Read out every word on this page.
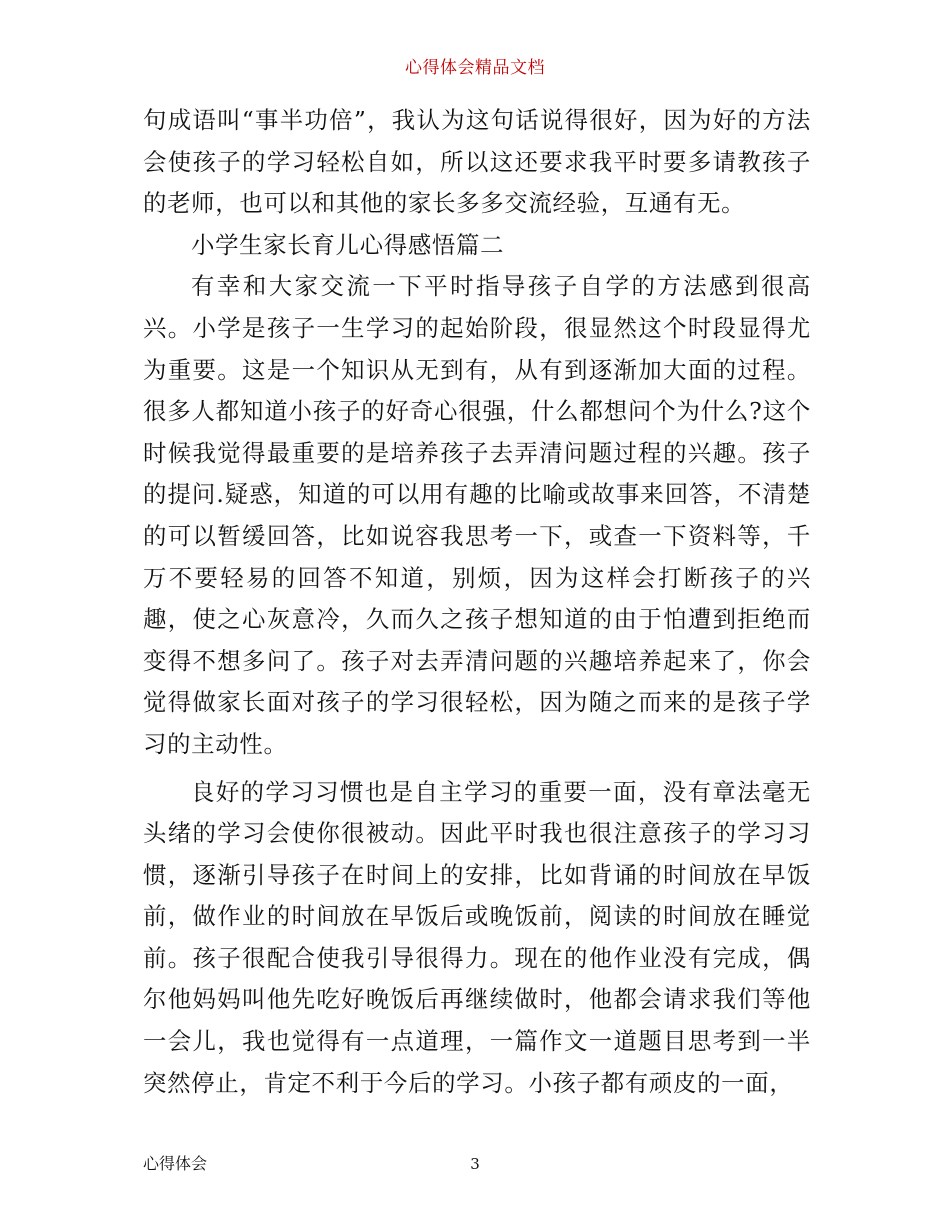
心得体会精品文档

句成语叫“事半功倍”，我认为这句话说得很好，因为好的方法会使孩子的学习轻松自如，所以这还要求我平时要多请教孩子的老师，也可以和其他的家长多多交流经验，互通有无。

小学生家长育儿心得感悟篇二

有幸和大家交流一下平时指导孩子自学的方法感到很高兴。小学是孩子一生学习的起始阶段，很显然这个时段显得尤为重要。这是一个知识从无到有，从有到逐渐加大面的过程。很多人都知道小孩子的好奇心很强，什么都想问个为什么?这个时候我觉得最重要的是培养孩子去弄清问题过程的兴趣。孩子的提问.疑惑，知道的可以用有趣的比喻或故事来回答，不清楚的可以暂缓回答，比如说容我思考一下，或查一下资料等，千万不要轻易的回答不知道，别烦，因为这样会打断孩子的兴趣，使之心灰意冷，久而久之孩子想知道的由于怕遭到拒绝而变得不想多问了。孩子对去弄清问题的兴趣培养起来了，你会觉得做家长面对孩子的学习很轻松，因为随之而来的是孩子学习的主动性。

良好的学习习惯也是自主学习的重要一面，没有章法毫无头绪的学习会使你很被动。因此平时我也很注意孩子的学习习惯，逐渐引导孩子在时间上的安排，比如背诵的时间放在早饭前，做作业的时间放在早饭后或晚饭前，阅读的时间放在睡觉前。孩子很配合使我引导很得力。现在的他作业没有完成，偶尔他妈妈叫他先吃好晚饭后再继续做时，他都会请求我们等他一会儿，我也觉得有一点道理，一篇作文一道题目思考到一半突然停止，肯定不利于今后的学习。小孩子都有顽皮的一面，

心得体会	3
